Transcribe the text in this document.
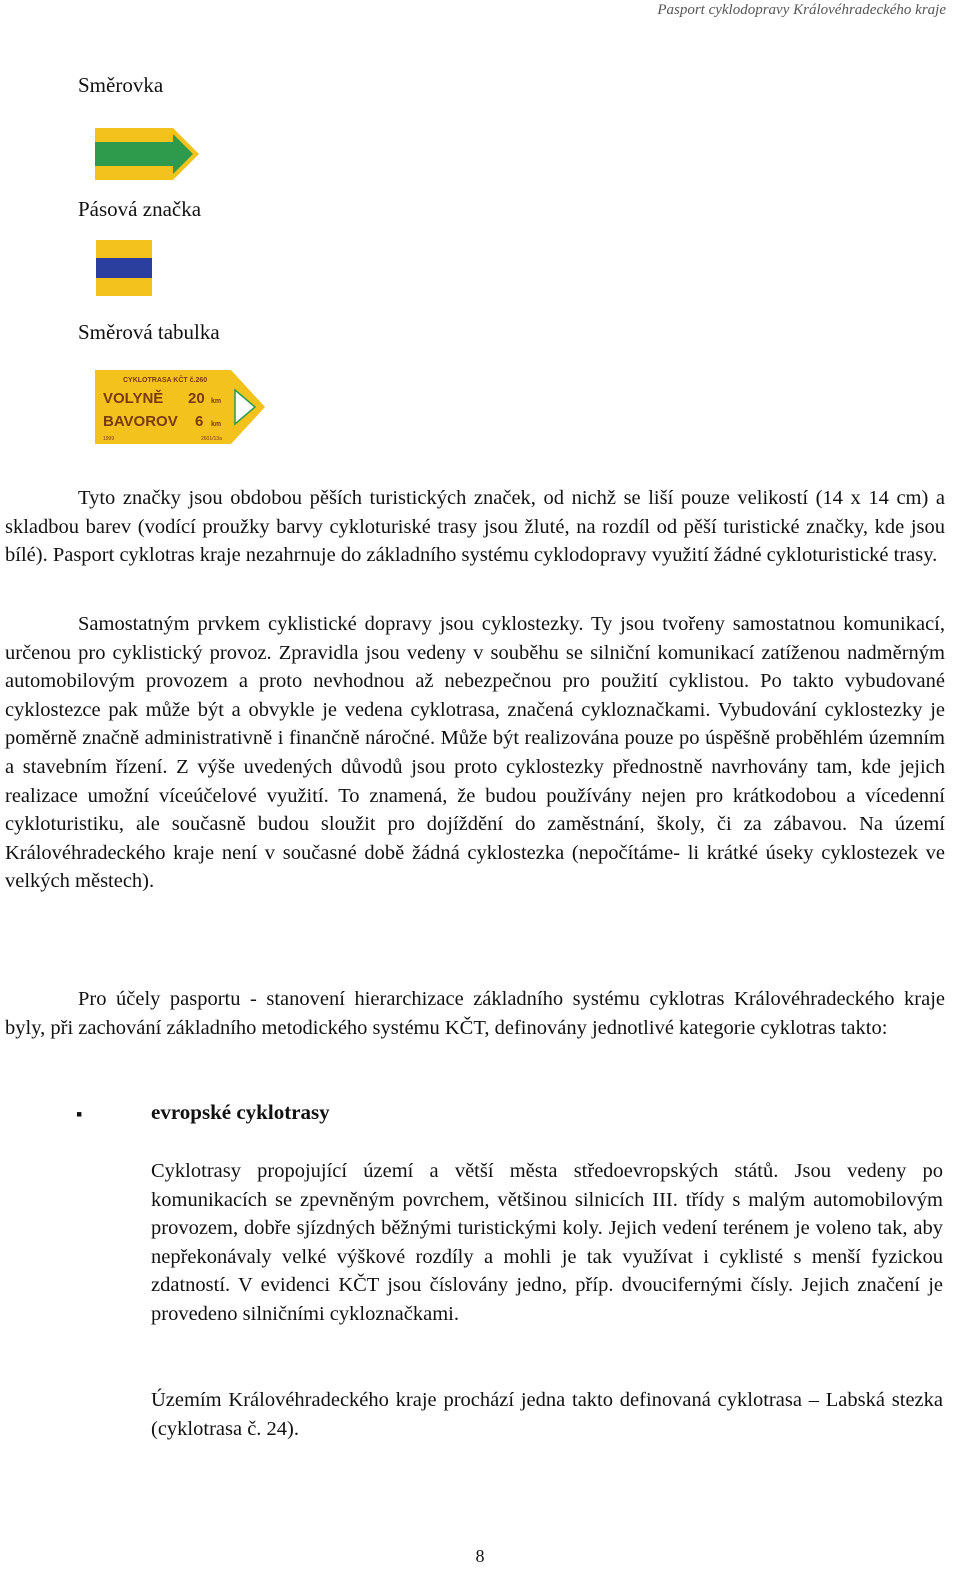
Pasport cyklodopravy Královéhradeckého kraje
Směrovka
Pásová značka
Směrová tabulka
CYKLOTRASA KČT č.260
VOLYNĚ 20 km
BAVOROV 6 km
1999	2601/13a

Tyto značky jsou obdobou pěších turistických značek, od nichž se liší pouze velikostí (14 x 14 cm) a skladbou barev (vodící proužky barvy cykloturiské trasy jsou žluté, na rozdíl od pěší turistické značky, kde jsou bílé). Pasport cyklotras kraje nezahrnuje do základního systému cyklodopravy využití žádné cykloturistické trasy.

Samostatným prvkem cyklistické dopravy jsou cyklostezky. Ty jsou tvořeny samostatnou komunikací, určenou pro cyklistický provoz. Zpravidla jsou vedeny v souběhu se silniční komunikací zatíženou nadměrným automobilovým provozem a proto nevhodnou až nebezpečnou pro použití cyklistou. Po takto vybudované cyklostezce pak může být a obvykle je vedena cyklotrasa, značená cykloznačkami. Vybudování cyklostezky je poměrně značně administrativně i finančně náročné. Může být realizována pouze po úspěšně proběhlém územním a stavebním řízení. Z výše uvedených důvodů jsou proto cyklostezky přednostně navrhovány tam, kde jejich realizace umožní víceúčelové využití. To znamená, že budou používány nejen pro krátkodobou a vícedenní cykloturistiku, ale současně budou sloužit pro dojíždění do zaměstnání, školy, či za zábavou. Na území Královéhradeckého kraje není v současné době žádná cyklostezka (nepočítáme- li krátké úseky cyklostezek ve velkých městech).

Pro účely pasportu - stanovení hierarchizace základního systému cyklotras Královéhradeckého kraje byly, při zachování základního metodického systému KČT, definovány jednotlivé kategorie cyklotras takto:

▪	evropské cyklotrasy

Cyklotrasy propojující území a větší města středoevropských států. Jsou vedeny po komunikacích se zpevněným povrchem, většinou silnicích III. třídy s malým automobilovým provozem, dobře sjízdných běžnými turistickými koly. Jejich vedení terénem je voleno tak, aby nepřekonávaly velké výškové rozdíly a mohli je tak využívat i cyklisté s menší fyzickou zdatností. V evidenci KČT jsou číslovány jedno, příp. dvoucifernými čísly. Jejich značení je provedeno silničními cykloznačkami.

Územím Královéhradeckého kraje prochází jedna takto definovaná cyklotrasa – Labská stezka (cyklotrasa č. 24).

8
